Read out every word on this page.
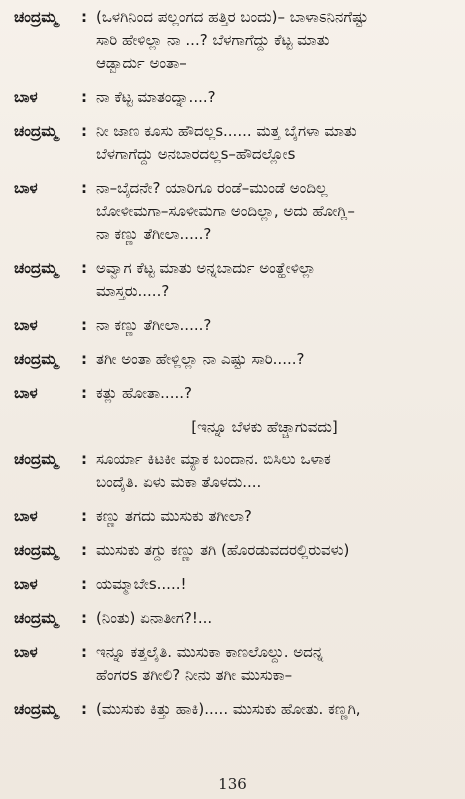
ಚಂದ್ರಮ್ಮ	: (ಒಳಗಿನಿಂದ ಪಲ್ಲಂಗದ ಹತ್ತಿರ ಬಂದು)– ಬಾಳಾಽನಿನಗೆಷ್ಟು
ಸಾರಿ ಹೇಳಿಲ್ಲಾ ನಾ ...? ಬೆಳಗಾಗೆದ್ದು ಕೆಟ್ಟ ಮಾತು
ಆಡ್ಬಾರ್ದು ಅಂತಾ–
ಬಾಳ	: ನಾ ಕೆಟ್ಟ ಮಾತಂದ್ನಾ....?
ಚಂದ್ರಮ್ಮ	: ನೀ ಜಾಣ ಕೂಸು ಹೌದಲ್ಲs...... ಮತ್ತ ಬೈಗಳಾ ಮಾತು
ಬೆಳಗಾಗೆದ್ದು ಅನಬಾರದಲ್ಲs–ಹೌದಲ್ಲೋs
ಬಾಳ	: ನಾ–ಬೈದನೇ? ಯಾರಿಗೂ ರಂಡೆ–ಮುಂಡೆ ಅಂದಿಲ್ಲ
ಬೋಳೀಮಗಾ–ಸೂಳೀಮಗಾ ಅಂದಿಲ್ಲಾ, ಅದು ಹೋಗ್ಲಿ–
ನಾ ಕಣ್ಣು ತೆಗೀಲಾ.....?
ಚಂದ್ರಮ್ಮ	: ಅವ್ವಾಗ ಕೆಟ್ಟ ಮಾತು ಅನ್ನಬಾರ್ದು ಅಂತ್ಹೇಳಿಲ್ಲಾ
ಮಾಸ್ತರು.....?
ಬಾಳ	: ನಾ ಕಣ್ಣು ತೆಗೀಲಾ.....?
ಚಂದ್ರಮ್ಮ	: ತಗೀ ಅಂತಾ ಹೇಳ್ಲಿಲ್ಲಾ ನಾ ಎಷ್ಟು ಸಾರಿ.....?
ಬಾಳ	: ಕತ್ಲು ಹೋತಾ.....?
[ಇನ್ನೂ ಬೆಳಕು ಹೆಚ್ಚಾಗುವದು]
ಚಂದ್ರಮ್ಮ	: ಸೂರ್ಯಾ ಕಿಟಕೀ ಮ್ಯಾಕ ಬಂದಾನ. ಬಿಸಿಲು ಒಳಾಕ
ಬಂದೈತಿ. ಏಳು ಮಕಾ ತೊಳದು....
ಬಾಳ	: ಕಣ್ಣು ತಗದು ಮುಸುಕು ತಗೀಲಾ?
ಚಂದ್ರಮ್ಮ	: ಮುಸುಕು ತಗ್ದು ಕಣ್ಣು ತಗಿ (ಹೊರಡುವದರಲ್ಲಿರುವಳು)
ಬಾಳ	: ಯಮ್ಮಾಬೇs.....!
ಚಂದ್ರಮ್ಮ	: (ನಿಂತು) ಏನಾತೀಗ?!...
ಬಾಳ	: ಇನ್ನೂ ಕತ್ತಲೈತಿ. ಮುಸುಕಾ ಕಾಣಲೊಲ್ದು. ಅದನ್ನ
ಹೆಂಗರs ತಗೀಲಿ? ನೀನು ತಗೀ ಮುಸುಕಾ–
ಚಂದ್ರಮ್ಮ	: (ಮುಸುಕು ಕಿತ್ತು ಹಾಕಿ)..... ಮುಸುಕು ಹೋತು. ಕಣ್ಣಗಿ,
136
